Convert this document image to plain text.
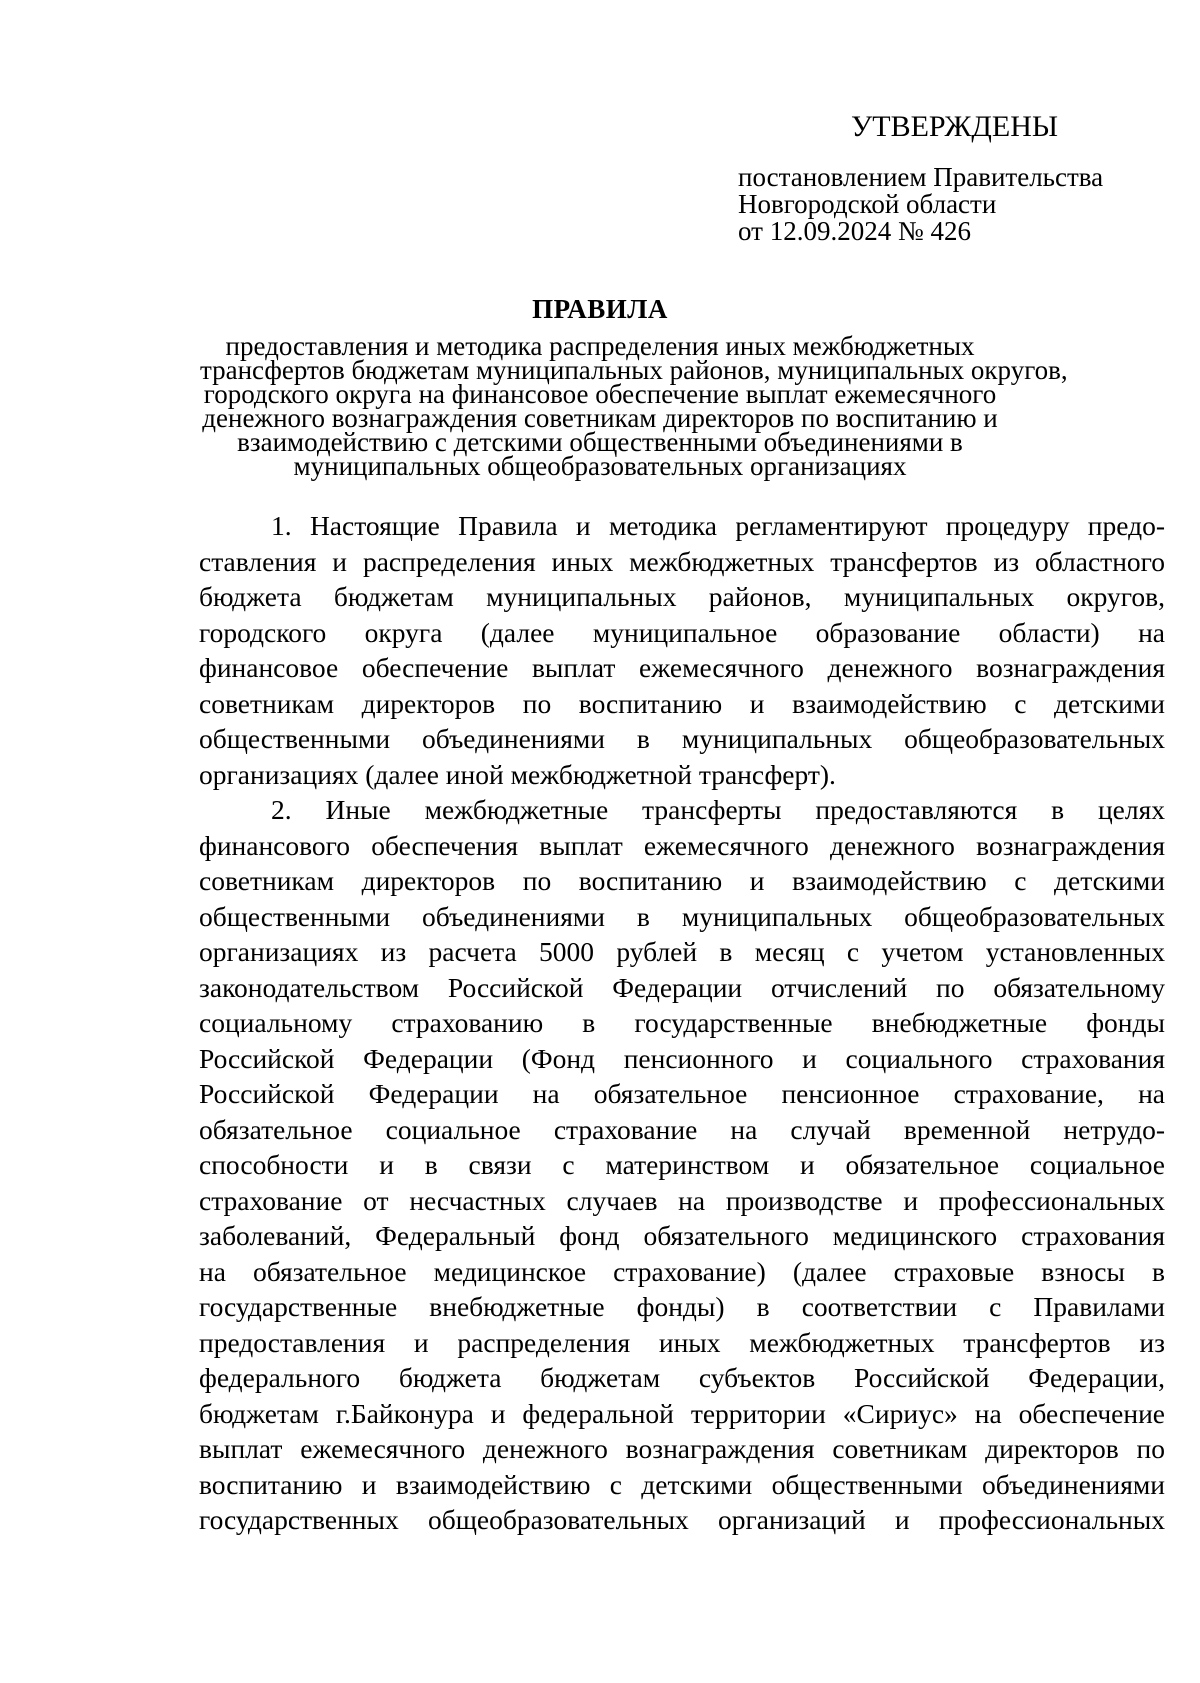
УТВЕРЖДЕНЫ
постановлением Правительства
Новгородской области
от 12.09.2024 № 426
ПРАВИЛА
предоставления и методика распределения иных межбюджетных
трансфертов бюджетам муниципальных районов, муниципальных округов,
городского округа на финансовое обеспечение выплат ежемесячного
денежного вознаграждения советникам директоров по воспитанию и
взаимодействию с детскими общественными объединениями в
муниципальных общеобразовательных организациях
1. Настоящие Правила и методика регламентируют процедуру предо-
ставления и распределения иных межбюджетных трансфертов из областного
бюджета бюджетам муниципальных районов, муниципальных округов,
городского округа (далее муниципальное образование области) на
финансовое обеспечение выплат ежемесячного денежного вознаграждения
советникам директоров по воспитанию и взаимодействию с детскими
общественными объединениями в муниципальных общеобразовательных
организациях (далее иной межбюджетной трансферт).
2. Иные межбюджетные трансферты предоставляются в целях
финансового обеспечения выплат ежемесячного денежного вознаграждения
советникам директоров по воспитанию и взаимодействию с детскими
общественными объединениями в муниципальных общеобразовательных
организациях из расчета 5000 рублей в месяц с учетом установленных
законодательством Российской Федерации отчислений по обязательному
социальному страхованию в государственные внебюджетные фонды
Российской Федерации (Фонд пенсионного и социального страхования
Российской Федерации на обязательное пенсионное страхование, на
обязательное социальное страхование на случай временной нетрудо-
способности и в связи с материнством и обязательное социальное
страхование от несчастных случаев на производстве и профессиональных
заболеваний, Федеральный фонд обязательного медицинского страхования
на обязательное медицинское страхование) (далее страховые взносы в
государственные внебюджетные фонды) в соответствии с Правилами
предоставления и распределения иных межбюджетных трансфертов из
федерального бюджета бюджетам субъектов Российской Федерации,
бюджетам г.Байконура и федеральной территории «Сириус» на обеспечение
выплат ежемесячного денежного вознаграждения советникам директоров по
воспитанию и взаимодействию с детскими общественными объединениями
государственных общеобразовательных организаций и профессиональных
